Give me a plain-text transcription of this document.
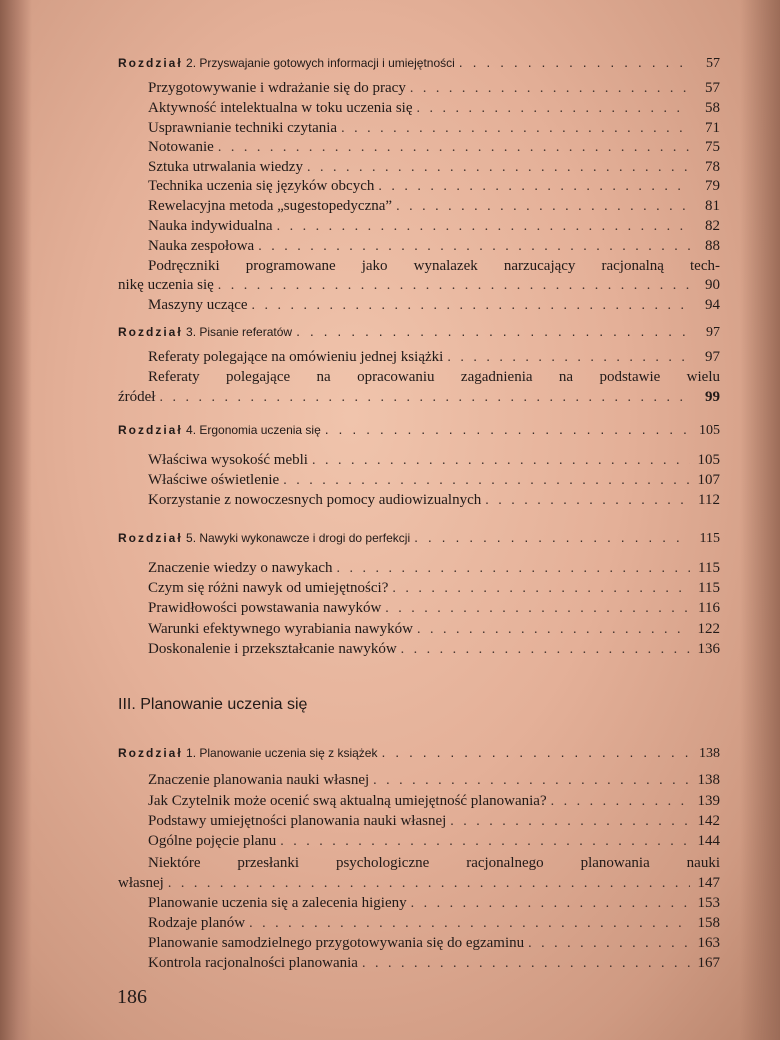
Rozdział 2. Przyswajanie gotowych informacji i umiejętności . . .	57
Przygotowywanie i wdrażanie się do pracy . . .	57
Aktywność intelektualna w toku uczenia się . . .	58
Usprawnianie techniki czytania . . .	71
Notowanie . . .	75
Sztuka utrwalania wiedzy . . .	78
Technika uczenia się języków obcych . . .	79
Rewelacyjna metoda „sugestopedyczna” . . .	81
Nauka indywidualna . . .	82
Nauka zespołowa . . .	88
Podręczniki programowane jako wynalazek narzucający racjonalną tech-
nikę uczenia się . . .	90
Maszyny uczące . . .	94
Rozdział 3. Pisanie referatów . . .	97
Referaty polegające na omówieniu jednej książki . . .	97
Referaty polegające na opracowaniu zagadnienia na podstawie wielu
źródeł . . .	99
Rozdział 4. Ergonomia uczenia się . . .	105
Właściwa wysokość mebli . . .	105
Właściwe oświetlenie . . .	107
Korzystanie z nowoczesnych pomocy audiowizualnych . . .	112
Rozdział 5. Nawyki wykonawcze i drogi do perfekcji . . .	115
Znaczenie wiedzy o nawykach . . .	115
Czym się różni nawyk od umiejętności? . . .	115
Prawidłowości powstawania nawyków . . .	116
Warunki efektywnego wyrabiania nawyków . . .	122
Doskonalenie i przekształcanie nawyków . . .	136
III. Planowanie uczenia się
Rozdział 1. Planowanie uczenia się z książek . . .	138
Znaczenie planowania nauki własnej . . .	138
Jak Czytelnik może ocenić swą aktualną umiejętność planowania? . . .	139
Podstawy umiejętności planowania nauki własnej . . .	142
Ogólne pojęcie planu . . .	144
Niektóre przesłanki psychologiczne racjonalnego planowania nauki
własnej . . .	147
Planowanie uczenia się a zalecenia higieny . . .	153
Rodzaje planów . . .	158
Planowanie samodzielnego przygotowywania się do egzaminu . . .	163
Kontrola racjonalności planowania . . .	167
186
